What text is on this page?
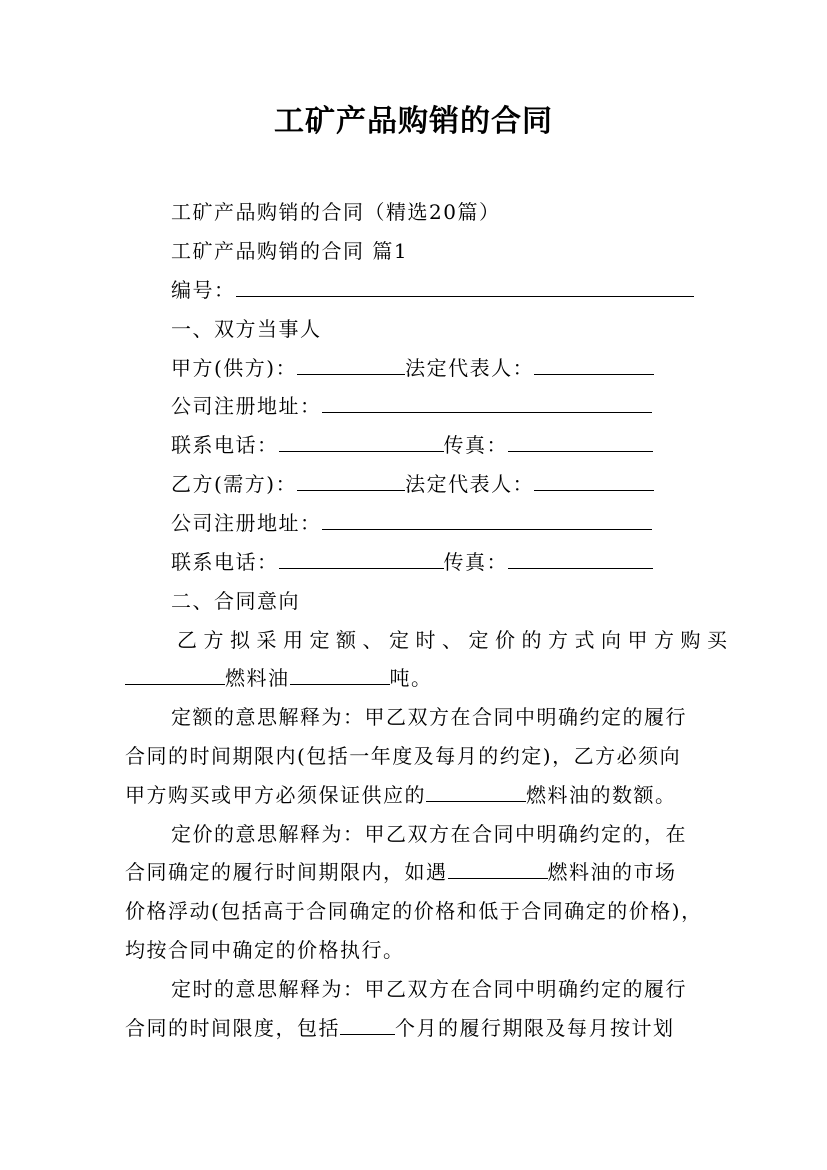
工矿产品购销的合同
工矿产品购销的合同（精选20篇）
工矿产品购销的合同 篇1
编号：
一、双方当事人
甲方(供方)：	法定代表人：
公司注册地址：
联系电话：	传真：
乙方(需方)：	法定代表人：
公司注册地址：
联系电话：	传真：
二、合同意向
乙方拟采用定额、定时、定价的方式向甲方购买
燃料油	吨。
定额的意思解释为：甲乙双方在合同中明确约定的履行
合同的时间期限内(包括一年度及每月的约定)，乙方必须向
甲方购买或甲方必须保证供应的	燃料油的数额。
定价的意思解释为：甲乙双方在合同中明确约定的，在
合同确定的履行时间期限内，如遇	燃料油的市场
价格浮动(包括高于合同确定的价格和低于合同确定的价格)，
均按合同中确定的价格执行。
定时的意思解释为：甲乙双方在合同中明确约定的履行
合同的时间限度，包括	个月的履行期限及每月按计划
